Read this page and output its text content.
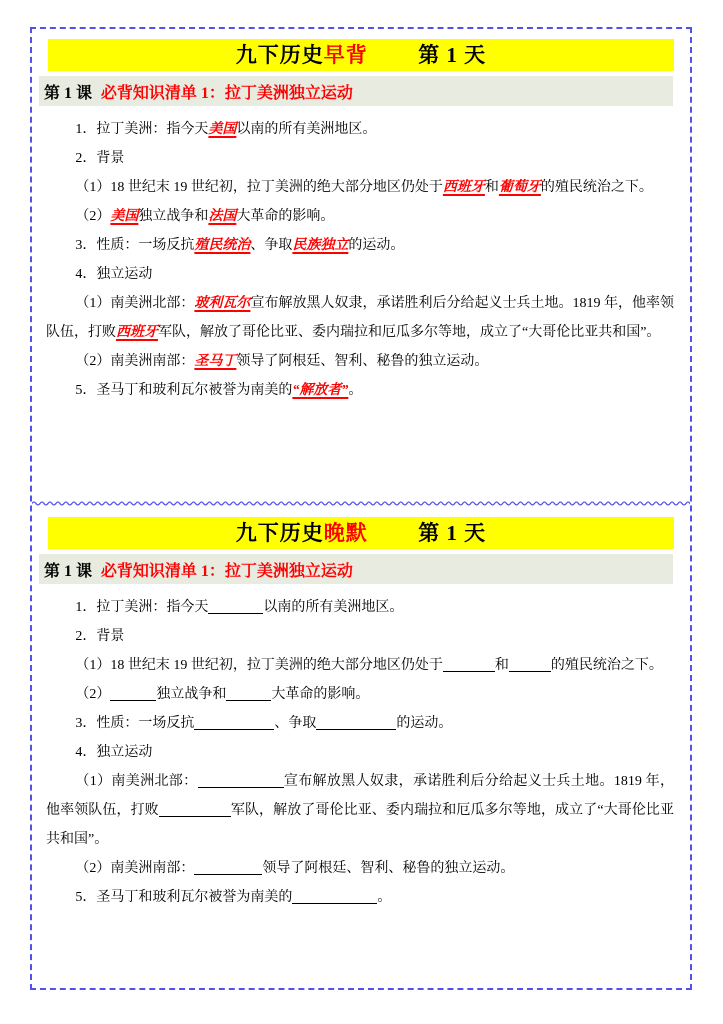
九下历史早背 第 1 天
第 1 课 必背知识清单 1：拉丁美洲独立运动

1．拉丁美洲：指今天美国以南的所有美洲地区。

2．背景

（1）18 世纪末 19 世纪初，拉丁美洲的绝大部分地区仍处于西班牙和葡萄牙的殖民统治之下。

（2）美国独立战争和法国大革命的影响。

3．性质：一场反抗殖民统治、争取民族独立的运动。

4．独立运动

（1）南美洲北部：玻利瓦尔宣布解放黑人奴隶，承诺胜利后分给起义士兵土地。1819 年，他率领队伍，打败西班牙军队，解放了哥伦比亚、委内瑞拉和厄瓜多尔等地，成立了“大哥伦比亚共和国”。

（2）南美洲南部：圣马丁领导了阿根廷、智利、秘鲁的独立运动。

5．圣马丁和玻利瓦尔被誉为南美的“解放者”。

九下历史晚默 第 1 天
第 1 课 必背知识清单 1：拉丁美洲独立运动

1．拉丁美洲：指今天	以南的所有美洲地区。

2．背景

（1）18 世纪末 19 世纪初，拉丁美洲的绝大部分地区仍处于	和	的殖民统治之下。

（2）	独立战争和	大革命的影响。

3．性质：一场反抗	、争取	的运动。

4．独立运动

（1）南美洲北部：	宣布解放黑人奴隶，承诺胜利后分给起义士兵土地。1819 年，他率领队伍，打败	军队，解放了哥伦比亚、委内瑞拉和厄瓜多尔等地，成立了“大哥伦比亚共和国”。

（2）南美洲南部：	领导了阿根廷、智利、秘鲁的独立运动。

5．圣马丁和玻利瓦尔被誉为南美的	。
